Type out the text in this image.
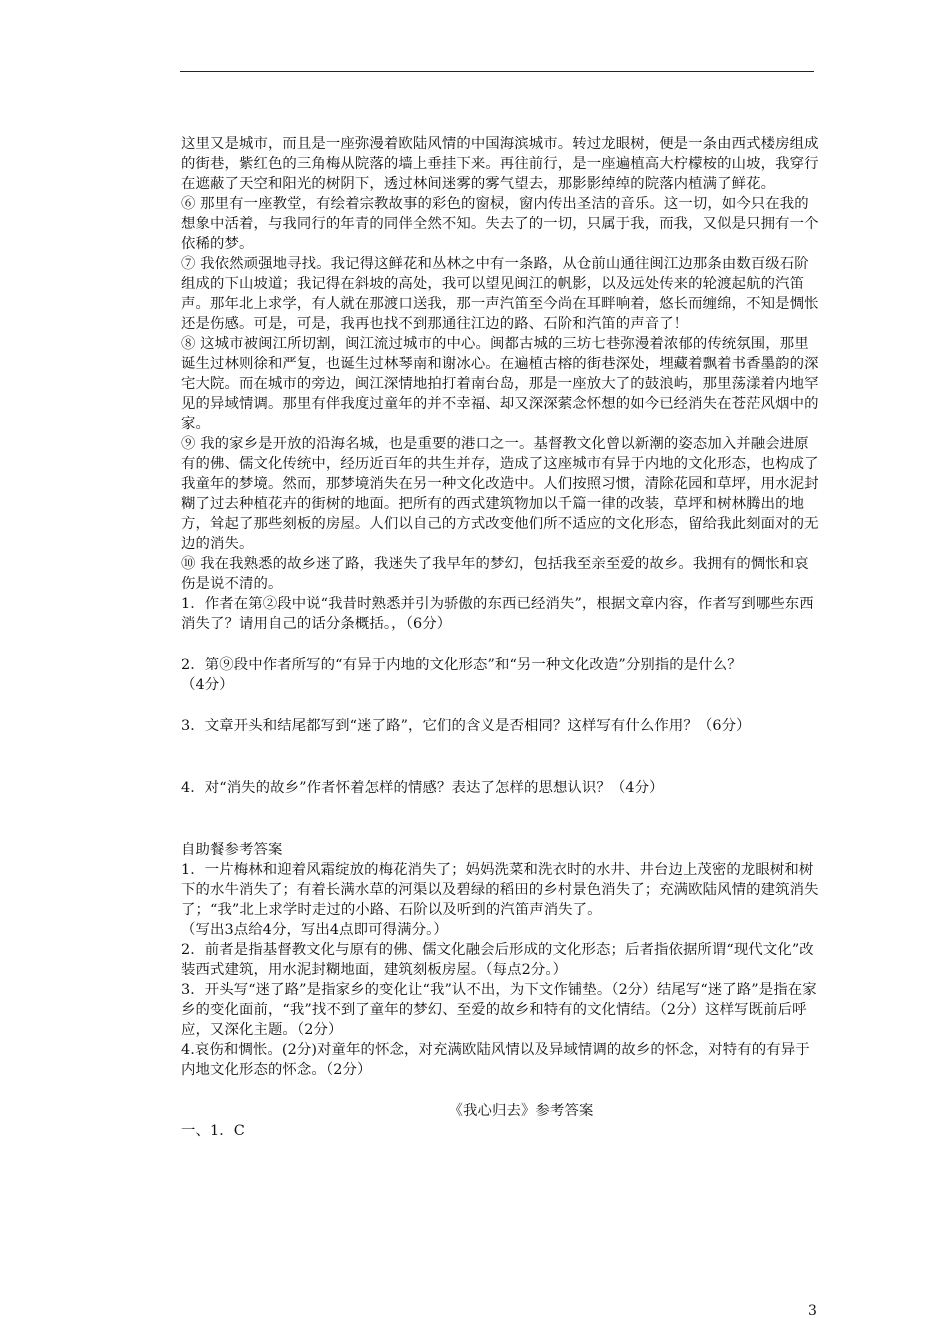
这里又是城市，而且是一座弥漫着欧陆风情的中国海滨城市。转过龙眼树，便是一条由西式楼房组成的街巷，紫红色的三角梅从院落的墙上垂挂下来。再往前行，是一座遍植高大柠檬桉的山坡，我穿行在遮蔽了天空和阳光的树阴下，透过林间迷雾的雾气望去，那影影绰绰的院落内植满了鲜花。

⑥ 那里有一座教堂，有绘着宗教故事的彩色的窗棂，窗内传出圣洁的音乐。这一切，如今只在我的想象中活着，与我同行的年青的同伴全然不知。失去了的一切，只属于我，而我，又似是只拥有一个依稀的梦。

⑦ 我依然顽强地寻找。我记得这鲜花和丛林之中有一条路，从仓前山通往闽江边那条由数百级石阶组成的下山坡道；我记得在斜坡的高处，我可以望见闽江的帆影，以及远处传来的轮渡起航的汽笛声。那年北上求学，有人就在那渡口送我，那一声汽笛至今尚在耳畔响着，悠长而缠绵，不知是惆怅还是伤感。可是，可是，我再也找不到那通往江边的路、石阶和汽笛的声音了！

⑧ 这城市被闽江所切割，闽江流过城市的中心。闽都古城的三坊七巷弥漫着浓郁的传统氛围，那里诞生过林则徐和严复，也诞生过林琴南和谢冰心。在遍植古榕的街巷深处，埋藏着飘着书香墨韵的深宅大院。而在城市的旁边，闽江深情地拍打着南台岛，那是一座放大了的鼓浪屿，那里荡漾着内地罕见的异域情调。那里有伴我度过童年的并不幸福、却又深深萦念怀想的如今已经消失在苍茫风烟中的家。

⑨ 我的家乡是开放的沿海名城，也是重要的港口之一。基督教文化曾以新潮的姿态加入并融会进原有的佛、儒文化传统中，经历近百年的共生并存，造成了这座城市有异于内地的文化形态，也构成了我童年的梦境。然而，那梦境消失在另一种文化改造中。人们按照习惯，清除花园和草坪，用水泥封糊了过去种植花卉的街树的地面。把所有的西式建筑物加以千篇一律的改装，草坪和树林腾出的地方，耸起了那些刻板的房屋。人们以自己的方式改变他们所不适应的文化形态，留给我此刻面对的无边的消失。

⑩ 我在我熟悉的故乡迷了路，我迷失了我早年的梦幻，包括我至亲至爱的故乡。我拥有的惆怅和哀伤是说不清的。

1．作者在第②段中说“我昔时熟悉并引为骄傲的东西已经消失”，根据文章内容，作者写到哪些东西消失了？请用自己的话分条概括。，（6分）

2．第⑨段中作者所写的“有异于内地的文化形态”和“另一种文化改造”分别指的是什么？

（4分）

3．文章开头和结尾都写到“迷了路”，它们的含义是否相同？这样写有什么作用？（6分）

4．对“消失的故乡”作者怀着怎样的情感？表达了怎样的思想认识？（4分）

自助餐参考答案

1．一片梅林和迎着风霜绽放的梅花消失了；妈妈洗菜和洗衣时的水井、井台边上茂密的龙眼树和树下的水牛消失了；有着长满水草的河渠以及碧绿的稻田的乡村景色消失了；充满欧陆风情的建筑消失了；“我”北上求学时走过的小路、石阶以及听到的汽笛声消失了。

（写出3点给4分，写出4点即可得满分。）

2．前者是指基督教文化与原有的佛、儒文化融会后形成的文化形态；后者指依据所谓“现代文化”改装西式建筑，用水泥封糊地面，建筑刻板房屋。（每点2分。）

3．开头写“迷了路”是指家乡的变化让“我”认不出，为下文作铺垫。（2分）结尾写“迷了路”是指在家乡的变化面前，“我”找不到了童年的梦幻、至爱的故乡和特有的文化情结。（2分）这样写既前后呼应，又深化主题。（2分）

4.哀伤和惆怅。(2分)对童年的怀念，对充满欧陆风情以及异域情调的故乡的怀念，对特有的有异于内地文化形态的怀念。（2分）

《我心归去》参考答案

一、1．C

3
